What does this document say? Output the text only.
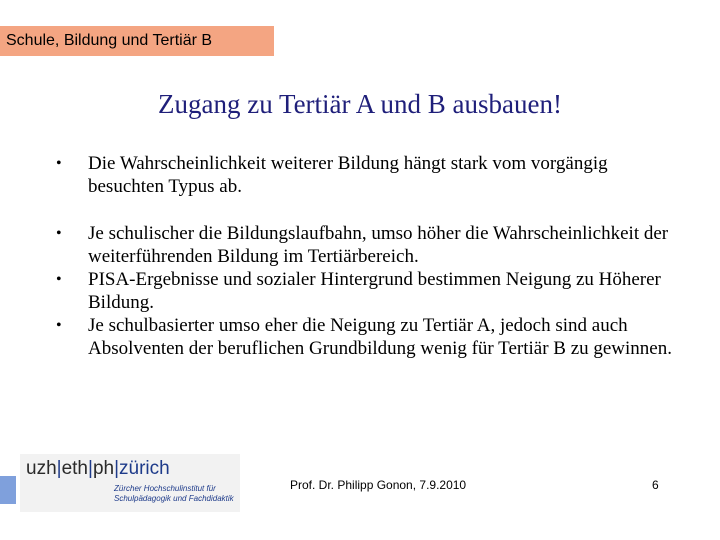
Schule, Bildung und Tertiär B
Zugang zu Tertiär A und B ausbauen!
• Die Wahrscheinlichkeit weiterer Bildung hängt stark vom vorgängig besuchten Typus ab.
• Je schulischer die Bildungslaufbahn, umso höher die Wahrscheinlichkeit der weiterführenden Bildung im Tertiärbereich.
• PISA-Ergebnisse und sozialer Hintergrund bestimmen Neigung zu Höherer Bildung.
• Je schulbasierter umso eher die Neigung zu Tertiär A, jedoch sind auch Absolventen der beruflichen Grundbildung wenig für Tertiär B zu gewinnen.
uzh|eth|ph|zürich
Zürcher Hochschulinstitut für
Schulpädagogik und Fachdidaktik
Prof. Dr. Philipp Gonon, 7.9.2010	6
